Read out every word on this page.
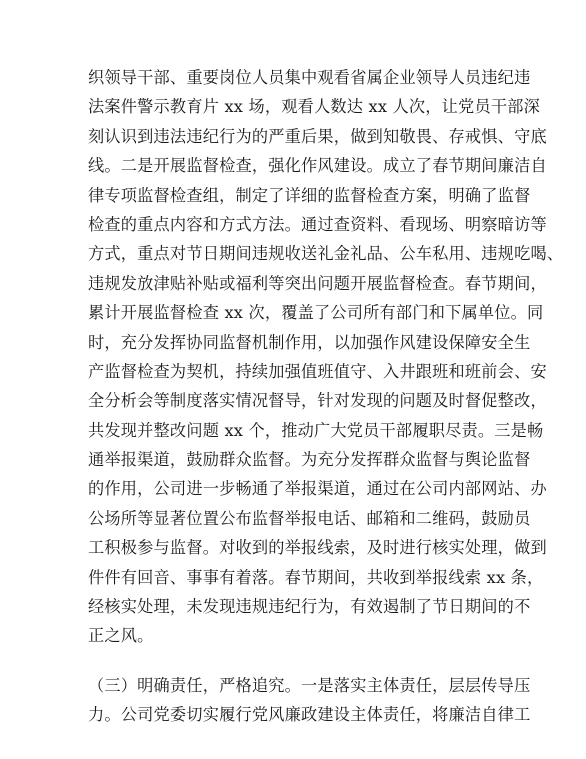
织领导干部、重要岗位人员集中观看省属企业领导人员违纪违
法案件警示教育片 xx 场，观看人数达 xx 人次，让党员干部深
刻认识到违法违纪行为的严重后果，做到知敬畏、存戒惧、守底
线。二是开展监督检查，强化作风建设。成立了春节期间廉洁自
律专项监督检查组，制定了详细的监督检查方案，明确了监督
检查的重点内容和方式方法。通过查资料、看现场、明察暗访等
方式，重点对节日期间违规收送礼金礼品、公车私用、违规吃喝、
违规发放津贴补贴或福利等突出问题开展监督检查。春节期间，
累计开展监督检查 xx 次，覆盖了公司所有部门和下属单位。同
时，充分发挥协同监督机制作用，以加强作风建设保障安全生
产监督检查为契机，持续加强值班值守、入井跟班和班前会、安
全分析会等制度落实情况督导，针对发现的问题及时督促整改，
共发现并整改问题 xx 个，推动广大党员干部履职尽责。三是畅
通举报渠道，鼓励群众监督。为充分发挥群众监督与舆论监督
的作用，公司进一步畅通了举报渠道，通过在公司内部网站、办
公场所等显著位置公布监督举报电话、邮箱和二维码，鼓励员
工积极参与监督。对收到的举报线索，及时进行核实处理，做到
件件有回音、事事有着落。春节期间，共收到举报线索 xx 条，
经核实处理，未发现违规违纪行为，有效遏制了节日期间的不
正之风。
（三）明确责任，严格追究。一是落实主体责任，层层传导压
力。公司党委切实履行党风廉政建设主体责任，将廉洁自律工
